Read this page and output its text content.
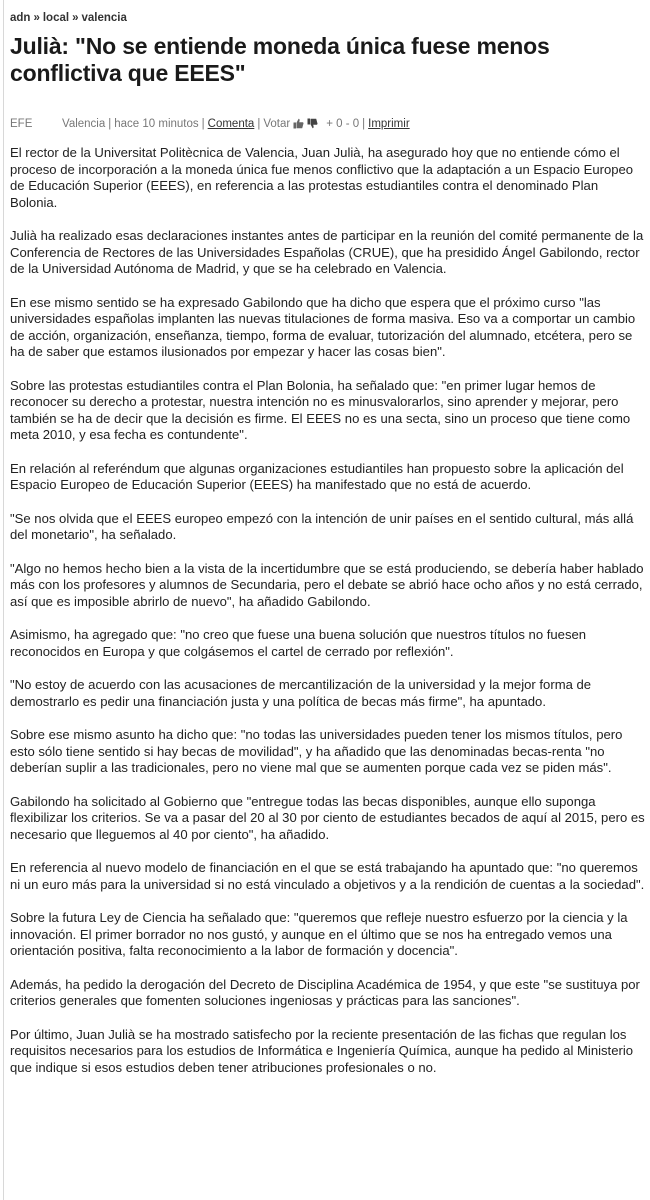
adn » local » valencia
Julià: "No se entiende moneda única fuese menos conflictiva que EEES"
EFE	Valencia | hace 10 minutos | Comenta | Votar	+ 0 - 0 | Imprimir

El rector de la Universitat Politècnica de Valencia, Juan Julià, ha asegurado hoy que no entiende cómo el proceso de incorporación a la moneda única fue menos conflictivo que la adaptación a un Espacio Europeo de Educación Superior (EEES), en referencia a las protestas estudiantiles contra el denominado Plan Bolonia.

Julià ha realizado esas declaraciones instantes antes de participar en la reunión del comité permanente de la Conferencia de Rectores de las Universidades Españolas (CRUE), que ha presidido Ángel Gabilondo, rector de la Universidad Autónoma de Madrid, y que se ha celebrado en Valencia.

En ese mismo sentido se ha expresado Gabilondo que ha dicho que espera que el próximo curso "las universidades españolas implanten las nuevas titulaciones de forma masiva. Eso va a comportar un cambio de acción, organización, enseñanza, tiempo, forma de evaluar, tutorización del alumnado, etcétera, pero se ha de saber que estamos ilusionados por empezar y hacer las cosas bien".

Sobre las protestas estudiantiles contra el Plan Bolonia, ha señalado que: "en primer lugar hemos de reconocer su derecho a protestar, nuestra intención no es minusvalorarlos, sino aprender y mejorar, pero también se ha de decir que la decisión es firme. El EEES no es una secta, sino un proceso que tiene como meta 2010, y esa fecha es contundente".

En relación al referéndum que algunas organizaciones estudiantiles han propuesto sobre la aplicación del Espacio Europeo de Educación Superior (EEES) ha manifestado que no está de acuerdo.

"Se nos olvida que el EEES europeo empezó con la intención de unir países en el sentido cultural, más allá del monetario", ha señalado.

"Algo no hemos hecho bien a la vista de la incertidumbre que se está produciendo, se debería haber hablado más con los profesores y alumnos de Secundaria, pero el debate se abrió hace ocho años y no está cerrado, así que es imposible abrirlo de nuevo", ha añadido Gabilondo.

Asimismo, ha agregado que: "no creo que fuese una buena solución que nuestros títulos no fuesen reconocidos en Europa y que colgásemos el cartel de cerrado por reflexión".

"No estoy de acuerdo con las acusaciones de mercantilización de la universidad y la mejor forma de demostrarlo es pedir una financiación justa y una política de becas más firme", ha apuntado.

Sobre ese mismo asunto ha dicho que: "no todas las universidades pueden tener los mismos títulos, pero esto sólo tiene sentido si hay becas de movilidad", y ha añadido que las denominadas becas-renta "no deberían suplir a las tradicionales, pero no viene mal que se aumenten porque cada vez se piden más".

Gabilondo ha solicitado al Gobierno que "entregue todas las becas disponibles, aunque ello suponga flexibilizar los criterios. Se va a pasar del 20 al 30 por ciento de estudiantes becados de aquí al 2015, pero es necesario que lleguemos al 40 por ciento", ha añadido.

En referencia al nuevo modelo de financiación en el que se está trabajando ha apuntado que: "no queremos ni un euro más para la universidad si no está vinculado a objetivos y a la rendición de cuentas a la sociedad".

Sobre la futura Ley de Ciencia ha señalado que: "queremos que refleje nuestro esfuerzo por la ciencia y la innovación. El primer borrador no nos gustó, y aunque en el último que se nos ha entregado vemos una orientación positiva, falta reconocimiento a la labor de formación y docencia".

Además, ha pedido la derogación del Decreto de Disciplina Académica de 1954, y que este "se sustituya por criterios generales que fomenten soluciones ingeniosas y prácticas para las sanciones".

Por último, Juan Julià se ha mostrado satisfecho por la reciente presentación de las fichas que regulan los requisitos necesarios para los estudios de Informática e Ingeniería Química, aunque ha pedido al Ministerio que indique si esos estudios deben tener atribuciones profesionales o no.
